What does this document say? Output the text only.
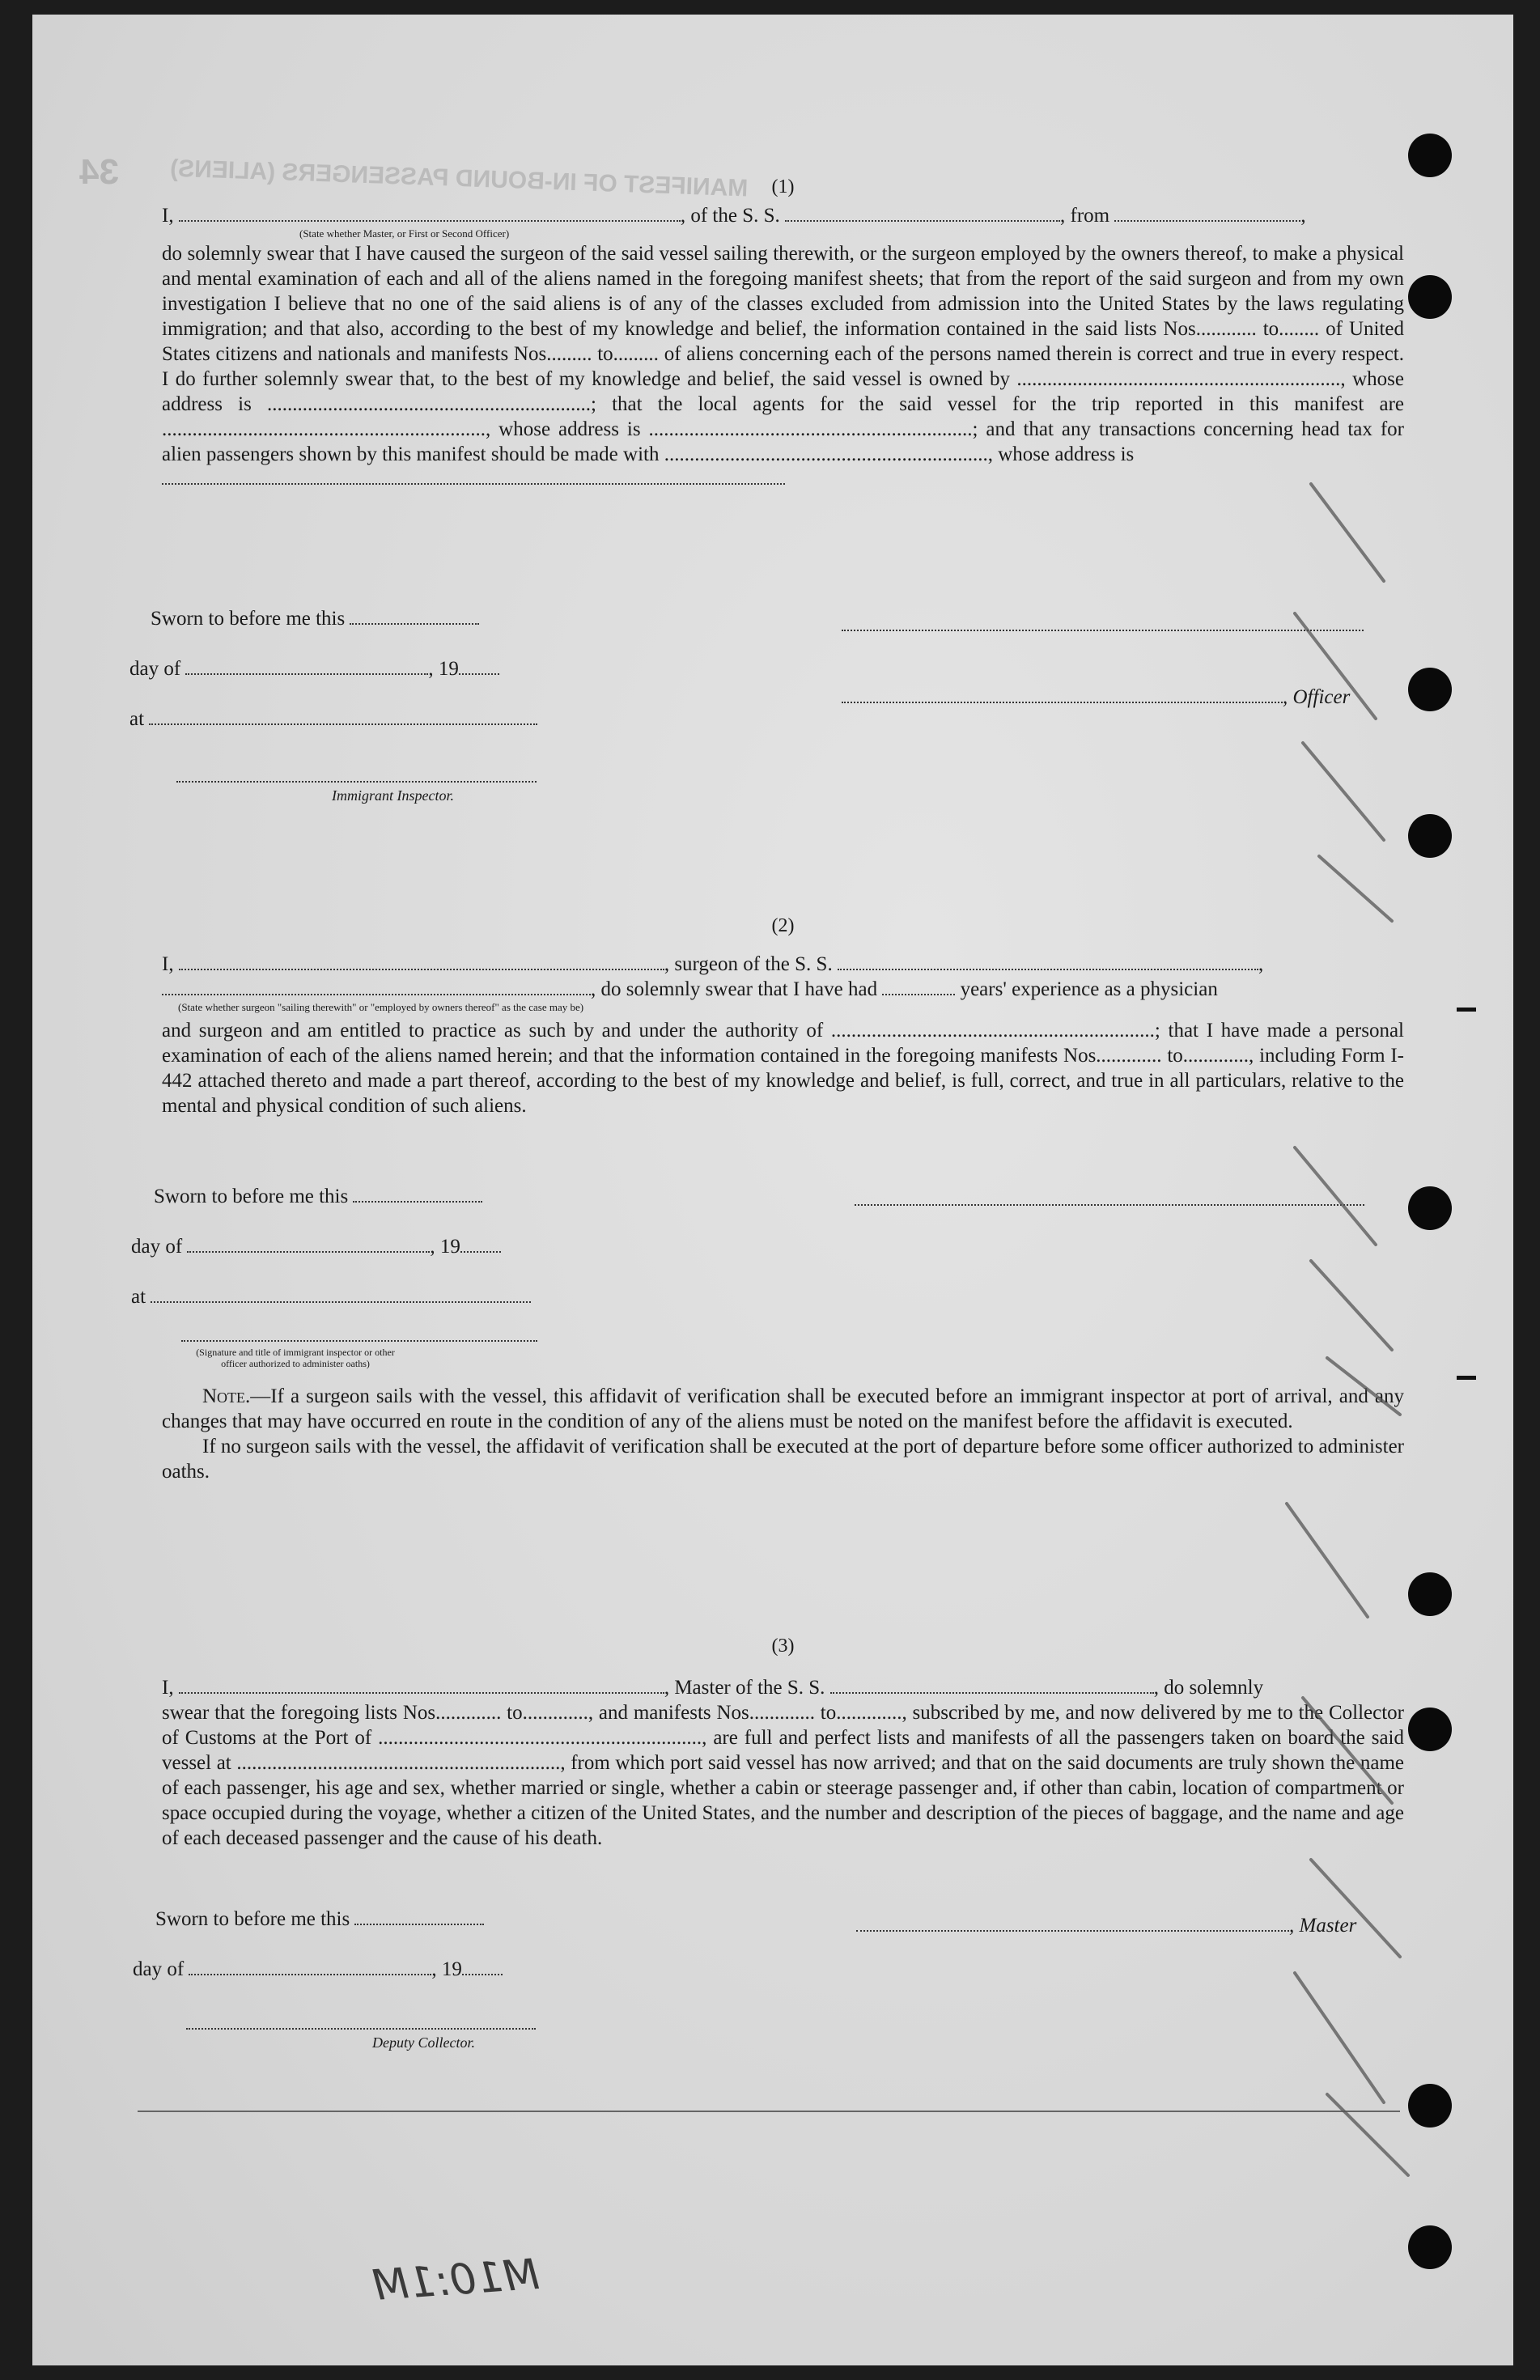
MANIFEST OF IN-BOUND PASSENGERS (ALIENS)
34	(1)

I,	, of the S. S.	, from	,
(State whether Master, or First or Second Officer)

do solemnly swear that I have caused the surgeon of the said vessel sailing therewith, or the surgeon employed by the owners thereof, to make a physical and mental examination of each and all of the aliens named in the foregoing manifest sheets; that from the report of the said surgeon and from my own investigation I believe that no one of the said aliens is of any of the classes excluded from admission into the United States by the laws regulating immigration; and that also, according to the best of my knowledge and belief, the information contained in the said lists Nos............ to........ of United States citizens and nationals and manifests Nos......... to......... of aliens concerning each of the persons named therein is correct and true in every respect. I do further solemnly swear that, to the best of my knowledge and belief, the said vessel is owned by ................................................................, whose address is ................................................................; that the local agents for the said vessel for the trip reported in this manifest are ................................................................, whose address is ................................................................; and that any transactions concerning head tax for alien passengers shown by this manifest should be made with ................................................................, whose address is

Sworn to before me this
day of	, 19
at
Immigrant Inspector.
, Officer

(2)

I,	, surgeon of the S. S.	,
, do solemnly swear that I have had	years' experience as a physician
(State whether surgeon "sailing therewith" or "employed by owners thereof" as the case may be)

and surgeon and am entitled to practice as such by and under the authority of ................................................................; that I have made a personal examination of each of the aliens named herein; and that the information contained in the foregoing manifests Nos............. to............., including Form I-442 attached thereto and made a part thereof, according to the best of my knowledge and belief, is full, correct, and true in all particulars, relative to the mental and physical condition of such aliens.

Sworn to before me this
day of	, 19
at
(Signature and title of immigrant inspector or other officer authorized to administer oaths)

Note.—If a surgeon sails with the vessel, this affidavit of verification shall be executed before an immigrant inspector at port of arrival, and any changes that may have occurred en route in the condition of any of the aliens must be noted on the manifest before the affidavit is executed.

If no surgeon sails with the vessel, the affidavit of verification shall be executed at the port of departure before some officer authorized to administer oaths.

(3)

I,	, Master of the S. S.	, do solemnly

swear that the foregoing lists Nos............. to............., and manifests Nos............. to............., subscribed by me, and now delivered by me to the Collector of Customs at the Port of ................................................................, are full and perfect lists and manifests of all the passengers taken on board the said vessel at ................................................................, from which port said vessel has now arrived; and that on the said documents are truly shown the name of each passenger, his age and sex, whether married or single, whether a cabin or steerage passenger and, if other than cabin, location of compartment or space occupied during the voyage, whether a citizen of the United States, and the number and description of the pieces of baggage, and the name and age of each deceased passenger and the cause of his death.

Sworn to before me this
day of	, 19
Deputy Collector.
, Master
M10:1M
